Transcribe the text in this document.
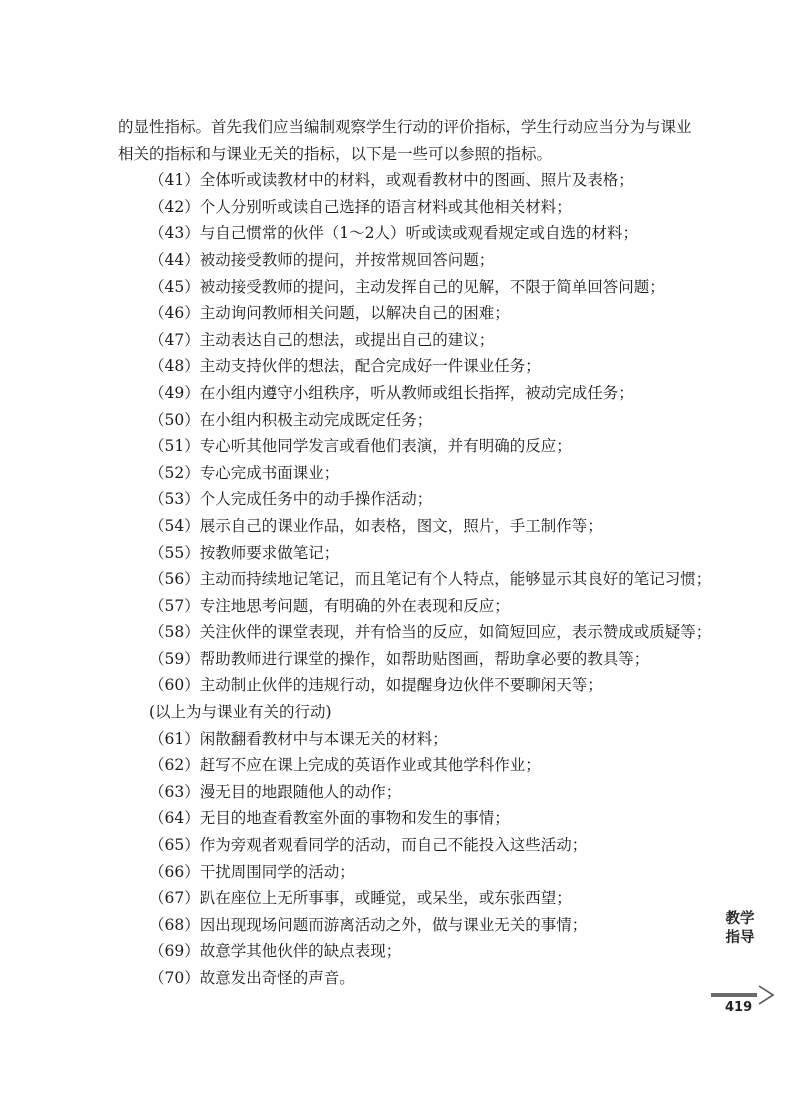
的显性指标。首先我们应当编制观察学生行动的评价指标，学生行动应当分为与课业

相关的指标和与课业无关的指标，以下是一些可以参照的指标。

（41）全体听或读教材中的材料，或观看教材中的图画、照片及表格；
（42）个人分别听或读自己选择的语言材料或其他相关材料；
（43）与自己惯常的伙伴（1～2人）听或读或观看规定或自选的材料；
（44）被动接受教师的提问，并按常规回答问题；
（45）被动接受教师的提问，主动发挥自己的见解，不限于简单回答问题；
（46）主动询问教师相关问题，以解决自己的困难；
（47）主动表达自己的想法，或提出自己的建议；
（48）主动支持伙伴的想法，配合完成好一件课业任务；
（49）在小组内遵守小组秩序，听从教师或组长指挥，被动完成任务；
（50）在小组内积极主动完成既定任务；
（51）专心听其他同学发言或看他们表演，并有明确的反应；
（52）专心完成书面课业；
（53）个人完成任务中的动手操作活动；
（54）展示自己的课业作品，如表格，图文，照片，手工制作等；
（55）按教师要求做笔记；
（56）主动而持续地记笔记，而且笔记有个人特点，能够显示其良好的笔记习惯；
（57）专注地思考问题，有明确的外在表现和反应；
（58）关注伙伴的课堂表现，并有恰当的反应，如简短回应，表示赞成或质疑等；
（59）帮助教师进行课堂的操作，如帮助贴图画，帮助拿必要的教具等；
（60）主动制止伙伴的违规行动，如提醒身边伙伴不要聊闲天等；
(以上为与课业有关的行动)
（61）闲散翻看教材中与本课无关的材料；
（62）赶写不应在课上完成的英语作业或其他学科作业；
（63）漫无目的地跟随他人的动作；
（64）无目的地查看教室外面的事物和发生的事情；
（65）作为旁观者观看同学的活动，而自己不能投入这些活动；
（66）干扰周围同学的活动；
（67）趴在座位上无所事事，或睡觉，或呆坐，或东张西望；
（68）因出现现场问题而游离活动之外，做与课业无关的事情；
（69）故意学其他伙伴的缺点表现；
（70）故意发出奇怪的声音。
教学指导
419
